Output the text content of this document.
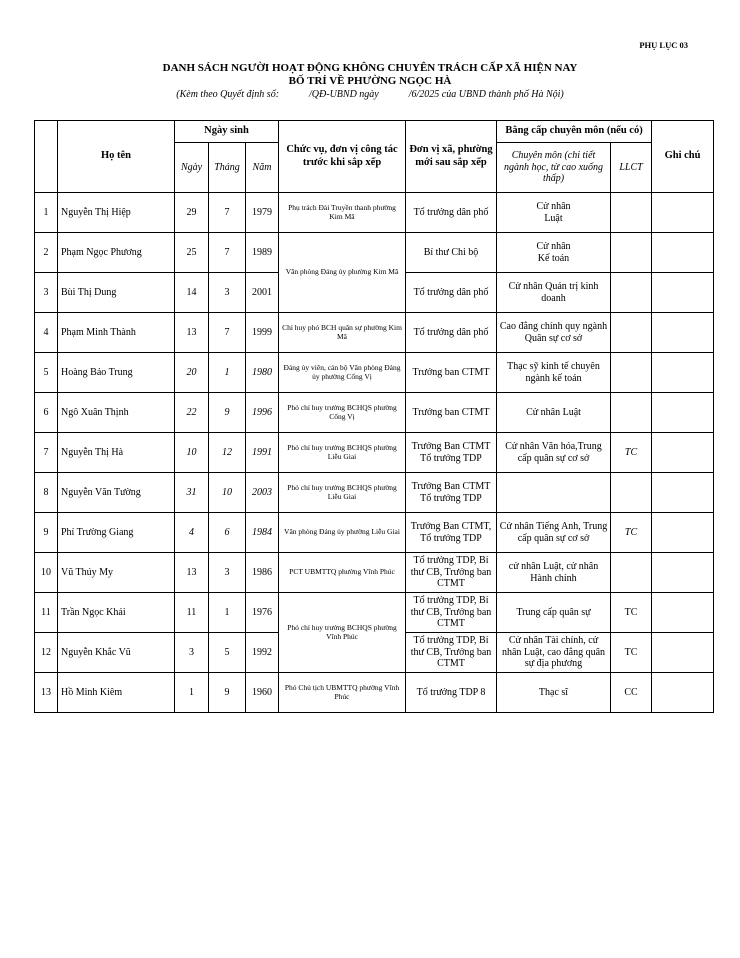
PHỤ LỤC 03
DANH SÁCH NGƯỜI HOẠT ĐỘNG KHÔNG CHUYÊN TRÁCH CẤP XÃ HIỆN NAY
BỐ TRÍ VỀ PHƯỜNG NGỌC HÀ
(Kèm theo Quyết định số:            /QĐ-UBND ngày            /6/2025 của UBND thành phố Hà Nội)
	Họ tên	Ngày sinh			Chức vụ, đơn vị công tác trước khi sắp xếp	Đơn vị xã, phường mới sau sắp xếp	Bằng cấp chuyên môn (nếu có)		Ghi chú
		Ngày	Tháng	Năm			Chuyên môn (chi tiết ngành học, từ cao xuống thấp)	LLCT	
1	Nguyễn Thị Hiệp	29	7	1979	Phụ trách Đài Truyền thanh phường Kim Mã	Tổ trưởng dân phố	Cử nhân
Luật		
2	Phạm Ngọc Phương	25	7	1989	Văn phòng Đảng ủy phường Kim Mã	Bí thư Chi bộ	Cử nhân
Kế toán		
3	Bùi Thị Dung	14	3	2001		Tổ trưởng dân phố	Cử nhân Quản trị kinh doanh		
4	Phạm Minh Thành	13	7	1999	Chỉ huy phó BCH quân sự phường Kim Mã	Tổ trưởng dân phố	Cao đẳng chính quy ngành Quân sự cơ sở		
5	Hoàng Bảo Trung	20	1	1980	Đảng ủy viên, cán bộ Văn phòng Đảng ủy phường Cống Vị	Trưởng ban CTMT	Thạc sỹ kinh tế chuyên ngành kế toán		
6	Ngô Xuân Thịnh	22	9	1996	Phó chỉ huy trưởng BCHQS phường Cống Vị	Trưởng ban CTMT	Cử nhân Luật		
7	Nguyễn Thị Hà	10	12	1991	Phó chỉ huy trưởng BCHQS phường Liễu Giai	Trưởng Ban CTMT
Tổ trưởng TDP	Cử nhân Văn hóa,Trung cấp quân sự cơ sở	TC	
8	Nguyễn Văn Tường	31	10	2003	Phó chỉ huy trưởng BCHQS phường Liễu Giai	Trưởng Ban CTMT
Tổ trưởng TDP			
9	Phí Trường Giang	4	6	1984	Văn phòng Đảng ủy phường Liễu Giai	Trưởng Ban CTMT,
Tổ trưởng TDP	Cử nhân Tiếng Anh, Trung cấp quân sự cơ sở	TC	
10	Vũ Thúy My	13	3	1986	PCT UBMTTQ phường Vĩnh Phúc	Tổ trưởng TDP, Bí thư CB, Trưởng ban CTMT	cử nhân Luật, cử nhân Hành chính		
11	Trần Ngọc Khải	11	1	1976	Phó chỉ huy trưởng BCHQS phường Vĩnh Phúc	Tổ trưởng TDP, Bí thư CB, Trưởng ban CTMT	Trung cấp quân sự	TC	
12	Nguyễn Khắc Vũ	3	5	1992		Tổ trưởng TDP, Bí thư CB, Trưởng ban CTMT	Cử nhân Tài chính, cử nhân Luật, cao đẳng quân sự địa phương	TC	
13	Hồ Minh Kiêm	1	9	1960	Phó Chủ tịch UBMTTQ phường Vĩnh Phúc	Tổ trưởng TDP 8	Thạc sĩ	CC	
